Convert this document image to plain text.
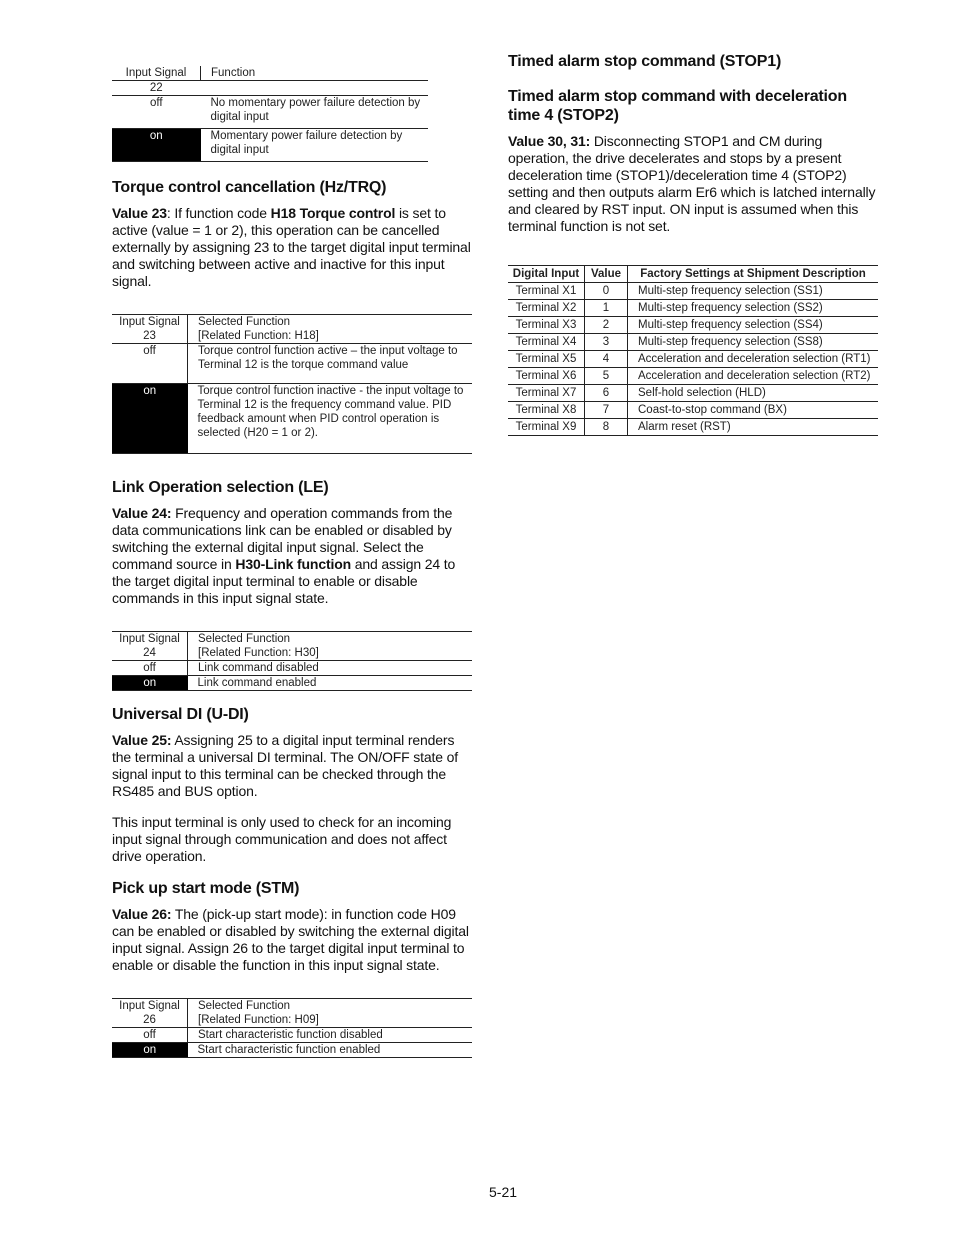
Input Signal	Function
22	
off	No momentary power failure detection by digital input
on	Momentary power failure detection by digital input
Torque control cancellation (Hz/TRQ)

Value 23: If function code H18 Torque control is set to active (value = 1 or 2), this operation can be cancelled externally by assigning 23 to the target digital input terminal and switching between active and inactive for this input signal.

Input Signal	Selected Function
23	[Related Function: H18]
off	Torque control function active – the input voltage to Terminal 12 is the torque command value
on	Torque control function inactive - the input voltage to Terminal 12 is the frequency command value. PID feedback amount when PID control operation is selected (H20 = 1 or 2).
Link Operation selection (LE)

Value 24: Frequency and operation commands from the data communications link can be enabled or disabled by switching the external digital input signal. Select the command source in H30-Link function and assign 24 to the target digital input terminal to enable or disable commands in this input signal state.

Input Signal	Selected Function
24	[Related Function: H30]
off	Link command disabled
on	Link command enabled
Universal DI (U-DI)

Value 25: Assigning 25 to a digital input terminal renders the terminal a universal DI terminal. The ON/OFF state of signal input to this terminal can be checked through the RS485 and BUS option.

This input terminal is only used to check for an incoming input signal through communication and does not affect drive operation.

Pick up start mode (STM)

Value 26: The (pick-up start mode): in function code H09 can be enabled or disabled by switching the external digital input signal. Assign 26 to the target digital input terminal to enable or disable the function in this input signal state.

Input Signal	Selected Function
26	[Related Function: H09]
off	Start characteristic function disabled
on	Start characteristic function enabled
Timed alarm stop command (STOP1)
Timed alarm stop command with deceleration time 4 (STOP2)

Value 30, 31: Disconnecting STOP1 and CM during operation, the drive decelerates and stops by a present deceleration time (STOP1)/deceleration time 4 (STOP2) setting and then outputs alarm Er6 which is latched internally and cleared by RST input. ON input is assumed when this terminal function is not set.

Digital Input	Value	Factory Settings at Shipment Description
Terminal X1	0	Multi-step frequency selection (SS1)
Terminal X2	1	Multi-step frequency selection (SS2)
Terminal X3	2	Multi-step frequency selection (SS4)
Terminal X4	3	Multi-step frequency selection (SS8)
Terminal X5	4	Acceleration and deceleration selection (RT1)
Terminal X6	5	Acceleration and deceleration selection (RT2)
Terminal X7	6	Self-hold selection (HLD)
Terminal X8	7	Coast-to-stop command (BX)
Terminal X9	8	Alarm reset (RST)
5-21
